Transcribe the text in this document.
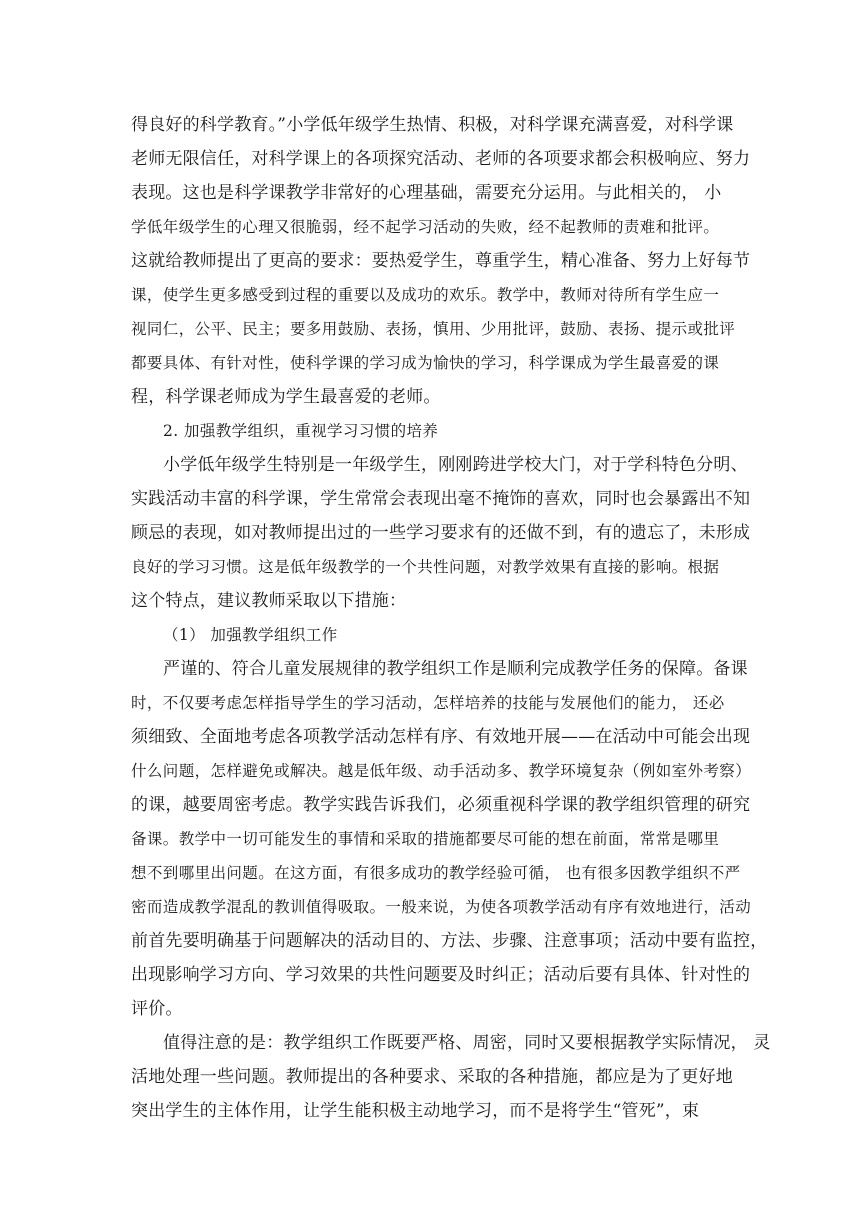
得良好的科学教育。”小学低年级学生热情、积极，对科学课充满喜爱，对科学课
老师无限信任，对科学课上的各项探究活动、老师的各项要求都会积极响应、努力
表现。这也是科学课教学非常好的心理基础，需要充分运用。与此相关的， 小
学低年级学生的心理又很脆弱，经不起学习活动的失败，经不起教师的责难和批评。
这就给教师提出了更高的要求：要热爱学生，尊重学生，精心准备、努力上好每节
课，使学生更多感受到过程的重要以及成功的欢乐。教学中，教师对待所有学生应一
视同仁，公平、民主；要多用鼓励、表扬，慎用、少用批评，鼓励、表扬、提示或批评
都要具体、有针对性，使科学课的学习成为愉快的学习，科学课成为学生最喜爱的课
程，科学课老师成为学生最喜爱的老师。
2. 加强教学组织，重视学习习惯的培养
小学低年级学生特别是一年级学生，刚刚跨进学校大门，对于学科特色分明、
实践活动丰富的科学课，学生常常会表现出毫不掩饰的喜欢，同时也会暴露出不知
顾忌的表现，如对教师提出过的一些学习要求有的还做不到，有的遗忘了，未形成
良好的学习习惯。这是低年级教学的一个共性问题，对教学效果有直接的影响。根据
这个特点，建议教师采取以下措施：
（1） 加强教学组织工作
严谨的、符合儿童发展规律的教学组织工作是顺利完成教学任务的保障。备课
时，不仅要考虑怎样指导学生的学习活动，怎样培养的技能与发展他们的能力， 还必
须细致、全面地考虑各项教学活动怎样有序、有效地开展——在活动中可能会出现
什么问题，怎样避免或解决。越是低年级、动手活动多、教学环境复杂（例如室外考察）
的课，越要周密考虑。教学实践告诉我们，必须重视科学课的教学组织管理的研究
备课。教学中一切可能发生的事情和采取的措施都要尽可能的想在前面，常常是哪里
想不到哪里出问题。在这方面，有很多成功的教学经验可循， 也有很多因教学组织不严
密而造成教学混乱的教训值得吸取。一般来说，为使各项教学活动有序有效地进行，活动
前首先要明确基于问题解决的活动目的、方法、步骤、注意事项；活动中要有监控，
出现影响学习方向、学习效果的共性问题要及时纠正；活动后要有具体、针对性的
评价。
值得注意的是：教学组织工作既要严格、周密，同时又要根据教学实际情况， 灵
活地处理一些问题。教师提出的各种要求、采取的各种措施，都应是为了更好地
突出学生的主体作用，让学生能积极主动地学习，而不是将学生“管死”，束
